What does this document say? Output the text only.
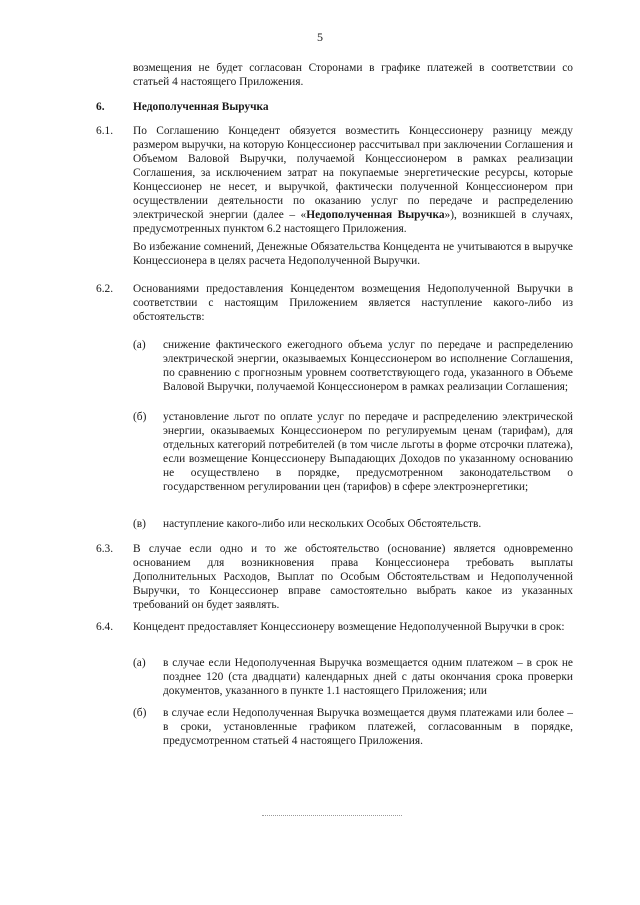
5
возмещения не будет согласован Сторонами в графике платежей в соответствии со статьей 4 настоящего Приложения.
6. Недополученная Выручка
6.1. По Соглашению Концедент обязуется возместить Концессионеру разницу между размером выручки, на которую Концессионер рассчитывал при заключении Соглашения и Объемом Валовой Выручки, получаемой Концессионером в рамках реализации Соглашения, за исключением затрат на покупаемые энергетические ресурсы, которые Концессионер не несет, и выручкой, фактически полученной Концессионером при осуществлении деятельности по оказанию услуг по передаче и распределению электрической энергии (далее – «Недополученная Выручка»), возникшей в случаях, предусмотренных пунктом 6.2 настоящего Приложения.
Во избежание сомнений, Денежные Обязательства Концедента не учитываются в выручке Концессионера в целях расчета Недополученной Выручки.
6.2. Основаниями предоставления Концедентом возмещения Недополученной Выручки в соответствии с настоящим Приложением является наступление какого-либо из обстоятельств:
(а) снижение фактического ежегодного объема услуг по передаче и распределению электрической энергии, оказываемых Концессионером во исполнение Соглашения, по сравнению с прогнозным уровнем соответствующего года, указанного в Объеме Валовой Выручки, получаемой Концессионером в рамках реализации Соглашения;
(б) установление льгот по оплате услуг по передаче и распределению электрической энергии, оказываемых Концессионером по регулируемым ценам (тарифам), для отдельных категорий потребителей (в том числе льготы в форме отсрочки платежа), если возмещение Концессионеру Выпадающих Доходов по указанному основанию не осуществлено в порядке, предусмотренном законодательством о государственном регулировании цен (тарифов) в сфере электроэнергетики;
(в) наступление какого-либо или нескольких Особых Обстоятельств.
6.3. В случае если одно и то же обстоятельство (основание) является одновременно основанием для возникновения права Концессионера требовать выплаты Дополнительных Расходов, Выплат по Особым Обстоятельствам и Недополученной Выручки, то Концессионер вправе самостоятельно выбрать какое из указанных требований он будет заявлять.
6.4. Концедент предоставляет Концессионеру возмещение Недополученной Выручки в срок:
(а) в случае если Недополученная Выручка возмещается одним платежом – в срок не позднее 120 (ста двадцати) календарных дней с даты окончания срока проверки документов, указанного в пункте 1.1 настоящего Приложения; или
(б) в случае если Недополученная Выручка возмещается двумя платежами или более – в сроки, установленные графиком платежей, согласованным в порядке, предусмотренном статьей 4 настоящего Приложения.
